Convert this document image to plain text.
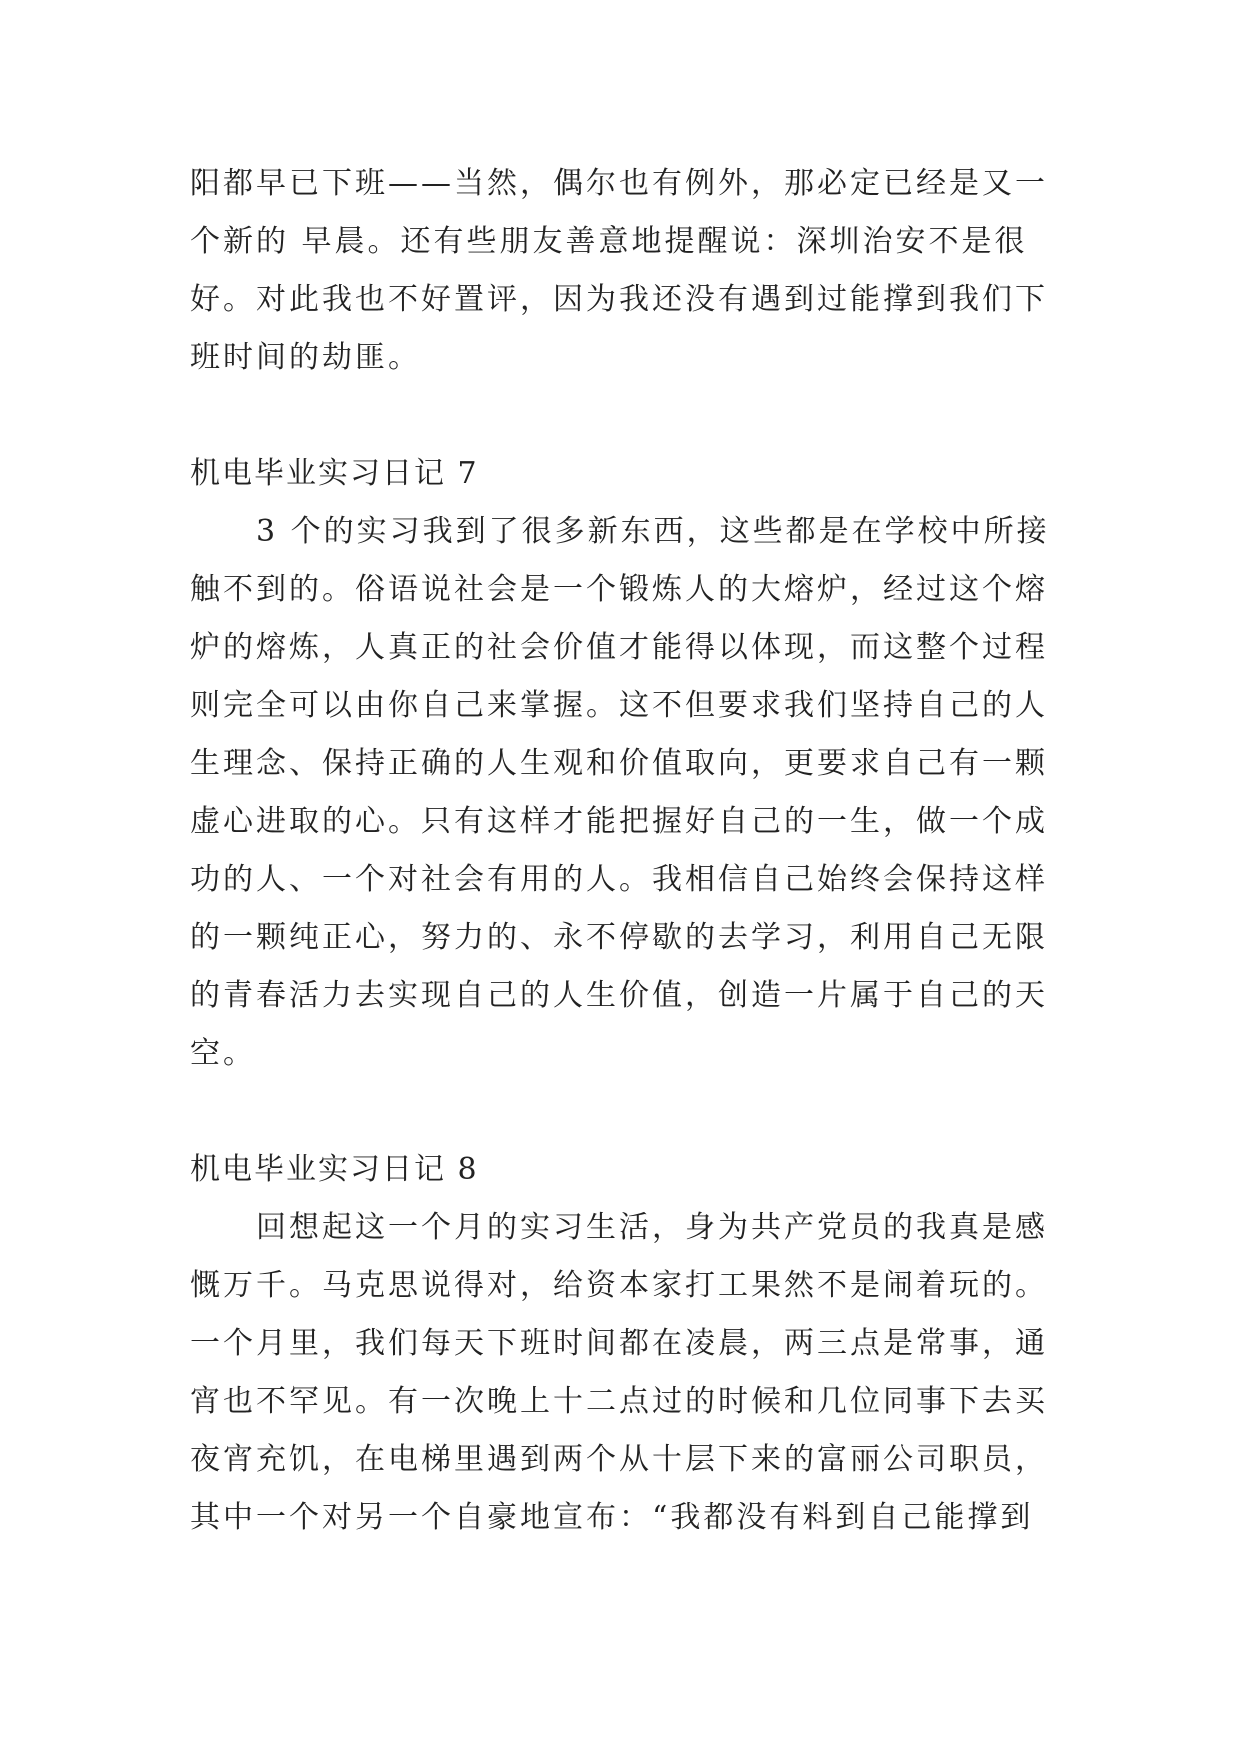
阳都早已下班——当然，偶尔也有例外，那必定已经是又一
个新的 早晨。还有些朋友善意地提醒说：深圳治安不是很
好。对此我也不好置评，因为我还没有遇到过能撑到我们下
班时间的劫匪。
机电毕业实习日记 7
3 个的实习我到了很多新东西，这些都是在学校中所接
触不到的。俗语说社会是一个锻炼人的大熔炉，经过这个熔
炉的熔炼，人真正的社会价值才能得以体现，而这整个过程
则完全可以由你自己来掌握。这不但要求我们坚持自己的人
生理念、保持正确的人生观和价值取向，更要求自己有一颗
虚心进取的心。只有这样才能把握好自己的一生，做一个成
功的人、一个对社会有用的人。我相信自己始终会保持这样
的一颗纯正心，努力的、永不停歇的去学习，利用自己无限
的青春活力去实现自己的人生价值，创造一片属于自己的天
空。
机电毕业实习日记 8
回想起这一个月的实习生活，身为共产党员的我真是感
慨万千。马克思说得对，给资本家打工果然不是闹着玩的。
一个月里，我们每天下班时间都在凌晨，两三点是常事，通
宵也不罕见。有一次晚上十二点过的时候和几位同事下去买
夜宵充饥，在电梯里遇到两个从十层下来的富丽公司职员，
其中一个对另一个自豪地宣布：“我都没有料到自己能撑到
